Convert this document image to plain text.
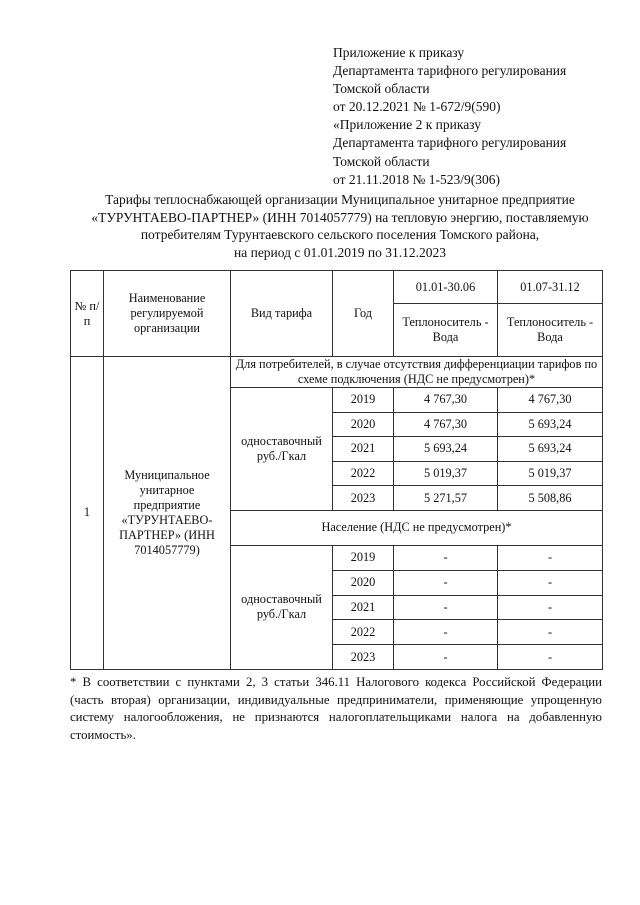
Приложение к приказу
Департамента тарифного регулирования
Томской области
от 20.12.2021 № 1-672/9(590)
«Приложение 2 к приказу
Департамента тарифного регулирования
Томской области
от 21.11.2018 № 1-523/9(306)
Тарифы теплоснабжающей организации Муниципальное унитарное предприятие
«ТУРУНТАЕВО-ПАРТНЕР» (ИНН 7014057779) на тепловую энергию, поставляемую
потребителям Турунтаевского сельского поселения Томского района,
на период с 01.01.2019 по 31.12.2023
№ п/п	Наименование регулируемой организации	Вид тарифа	Год	01.01-30.06	01.07-31.12
				Теплоноситель - Вода	Теплоноситель - Вода
1	Муниципальное унитарное предприятие «ТУРУНТАЕВО-ПАРТНЕР» (ИНН 7014057779)	Для потребителей, в случае отсутствия дифференциации тарифов по схеме подключения (НДС не предусмотрен)*			
		одноставочный руб./Гкал	2019	4 767,30	4 767,30
			2020	4 767,30	5 693,24
			2021	5 693,24	5 693,24
			2022	5 019,37	5 019,37
			2023	5 271,57	5 508,86
		Население (НДС не предусмотрен)*			
		одноставочный руб./Гкал	2019	-	-
			2020	-	-
			2021	-	-
			2022	-	-
			2023	-	-
* В соответствии с пунктами 2, 3 статьи 346.11 Налогового кодекса Российской Федерации
(часть вторая) организации, индивидуальные предприниматели, применяющие упрощенную
систему налогообложения, не признаются налогоплательщиками налога на добавленную
стоимость».
